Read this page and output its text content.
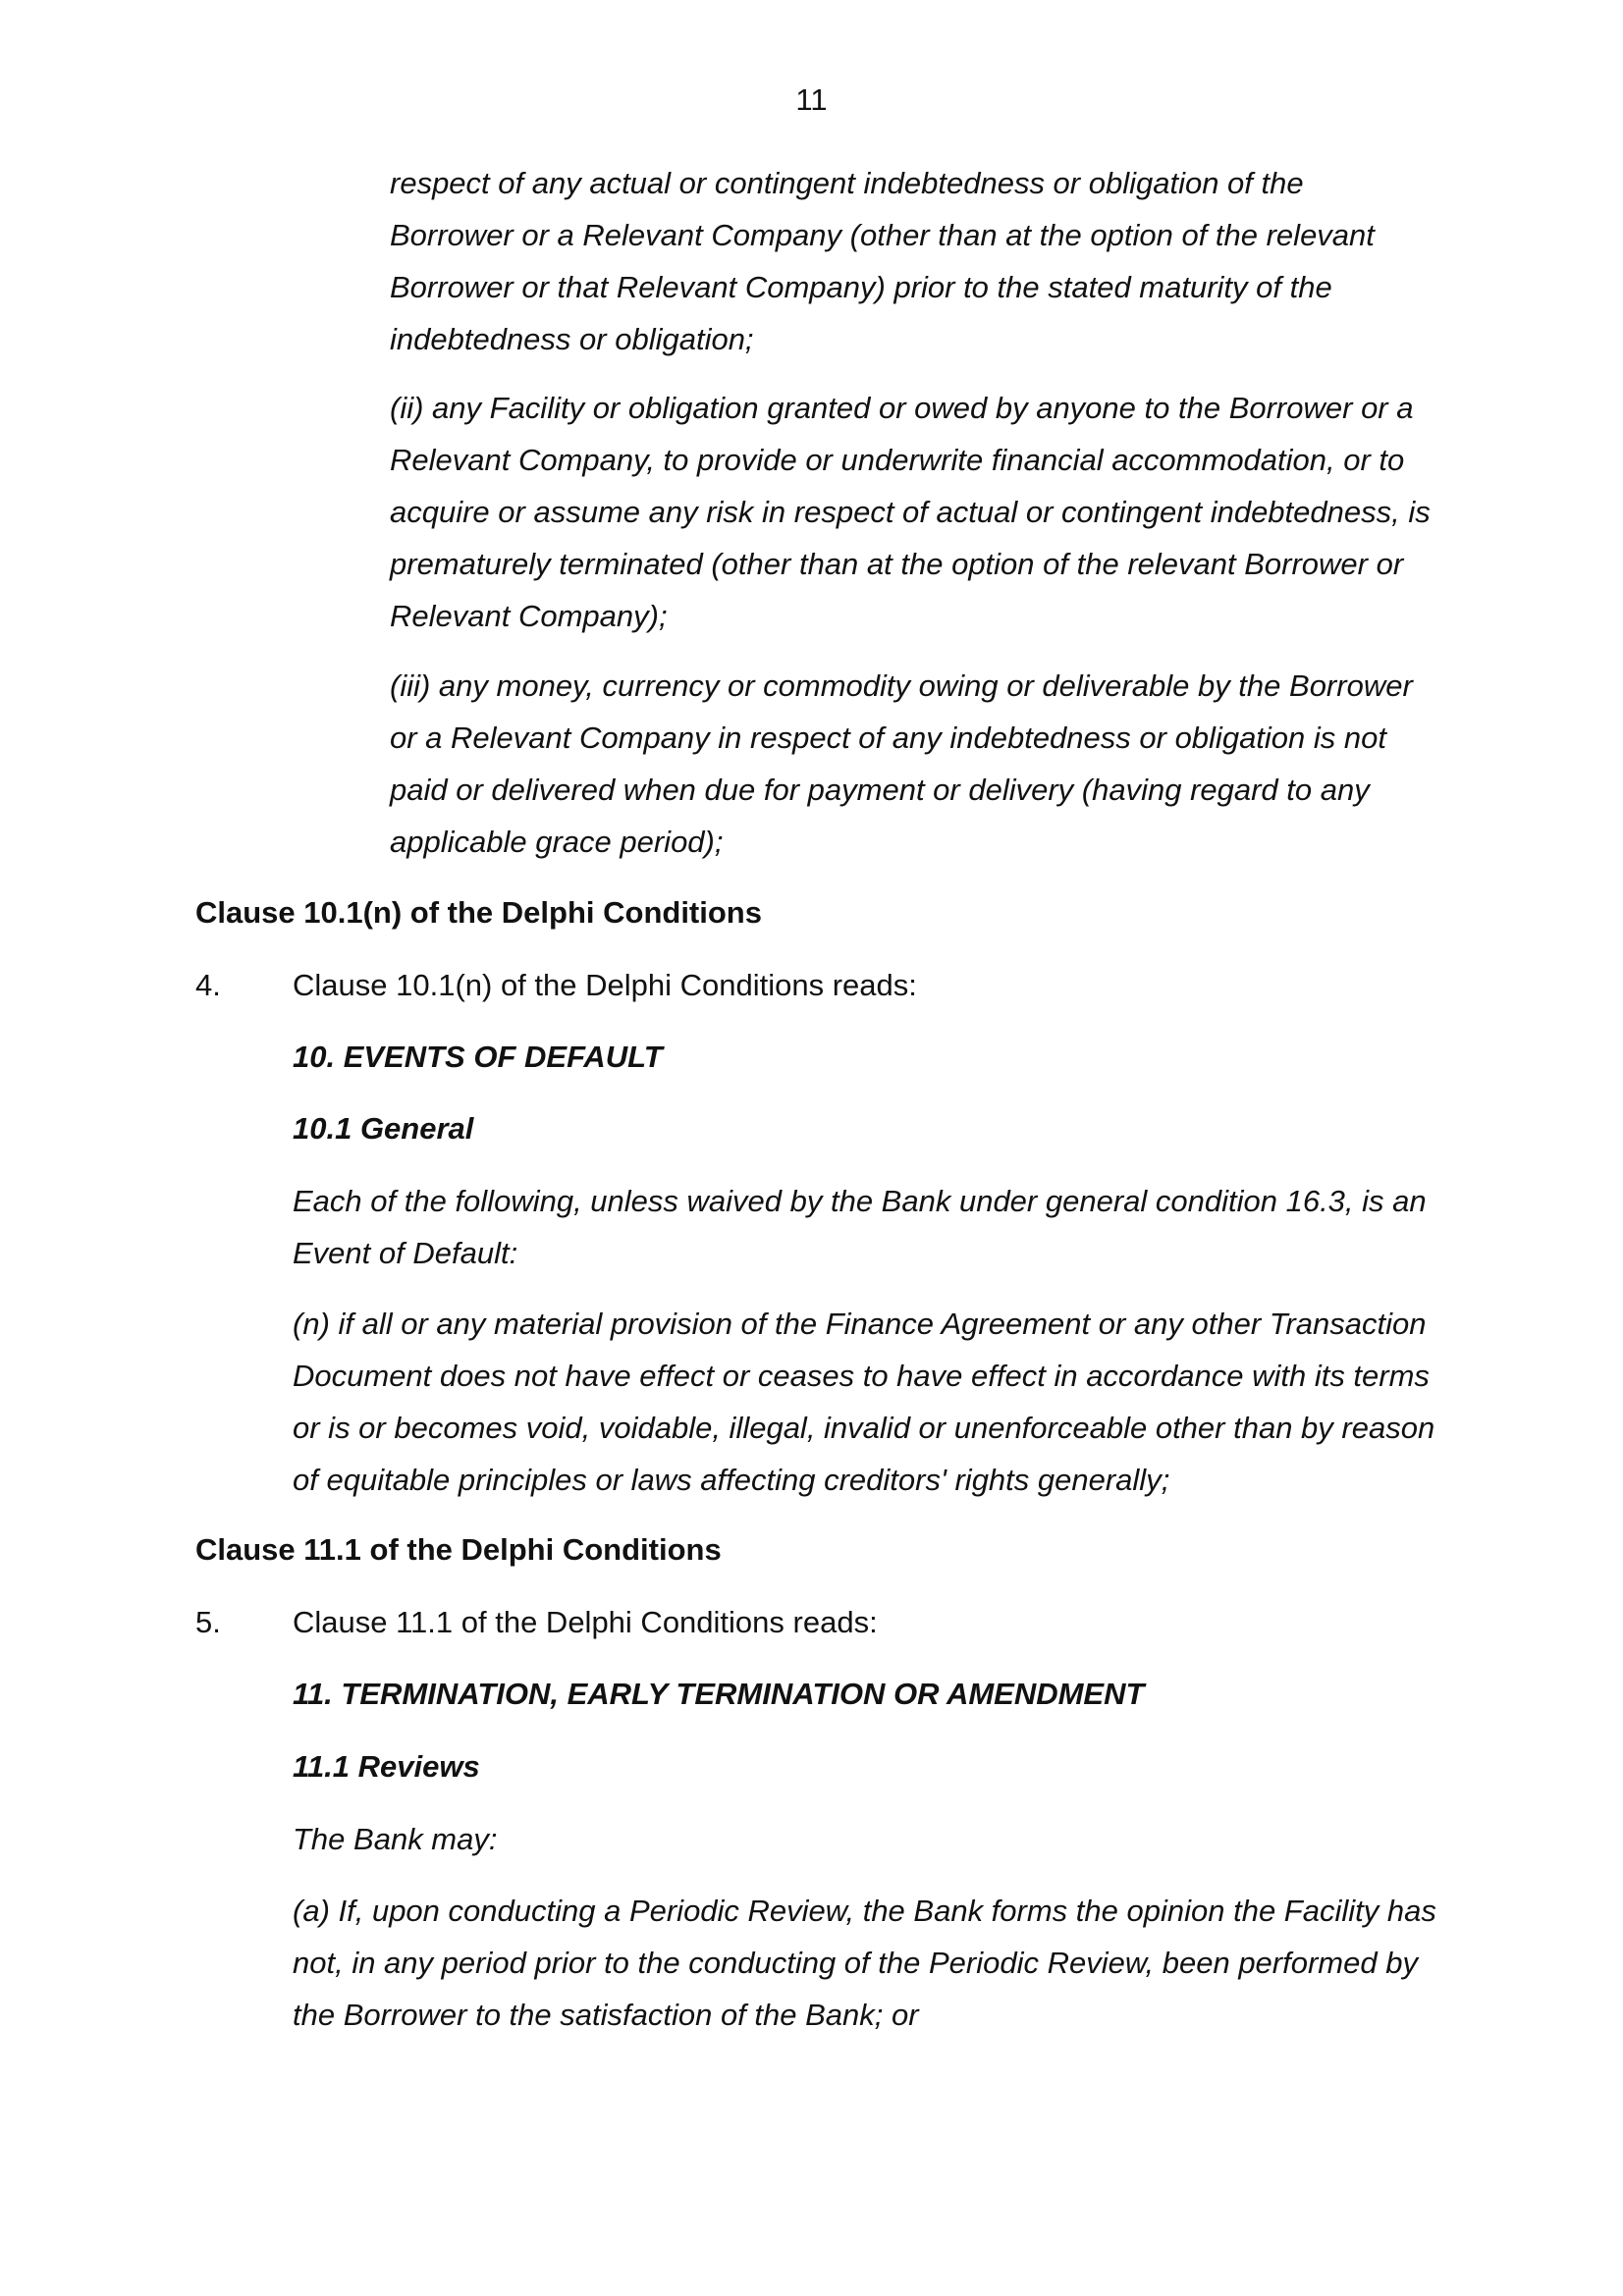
11

respect of any actual or contingent indebtedness or obligation of the Borrower or a Relevant Company (other than at the option of the relevant Borrower or that Relevant Company) prior to the stated maturity of the indebtedness or obligation;

(ii) any Facility or obligation granted or owed by anyone to the Borrower or a Relevant Company, to provide or underwrite financial accommodation, or to acquire or assume any risk in respect of actual or contingent indebtedness, is prematurely terminated (other than at the option of the relevant Borrower or Relevant Company);

(iii) any money, currency or commodity owing or deliverable by the Borrower or a Relevant Company in respect of any indebtedness or obligation is not paid or delivered when due for payment or delivery (having regard to any applicable grace period);

Clause 10.1(n) of the Delphi Conditions
4. Clause 10.1(n) of the Delphi Conditions reads:
10. EVENTS OF DEFAULT
10.1 General

Each of the following, unless waived by the Bank under general condition 16.3, is an Event of Default:

(n) if all or any material provision of the Finance Agreement or any other Transaction Document does not have effect or ceases to have effect in accordance with its terms or is or becomes void, voidable, illegal, invalid or unenforceable other than by reason of equitable principles or laws affecting creditors' rights generally;

Clause 11.1 of the Delphi Conditions
5. Clause 11.1 of the Delphi Conditions reads:
11. TERMINATION, EARLY TERMINATION OR AMENDMENT
11.1 Reviews

The Bank may:

(a) If, upon conducting a Periodic Review, the Bank forms the opinion the Facility has not, in any period prior to the conducting of the Periodic Review, been performed by the Borrower to the satisfaction of the Bank; or
